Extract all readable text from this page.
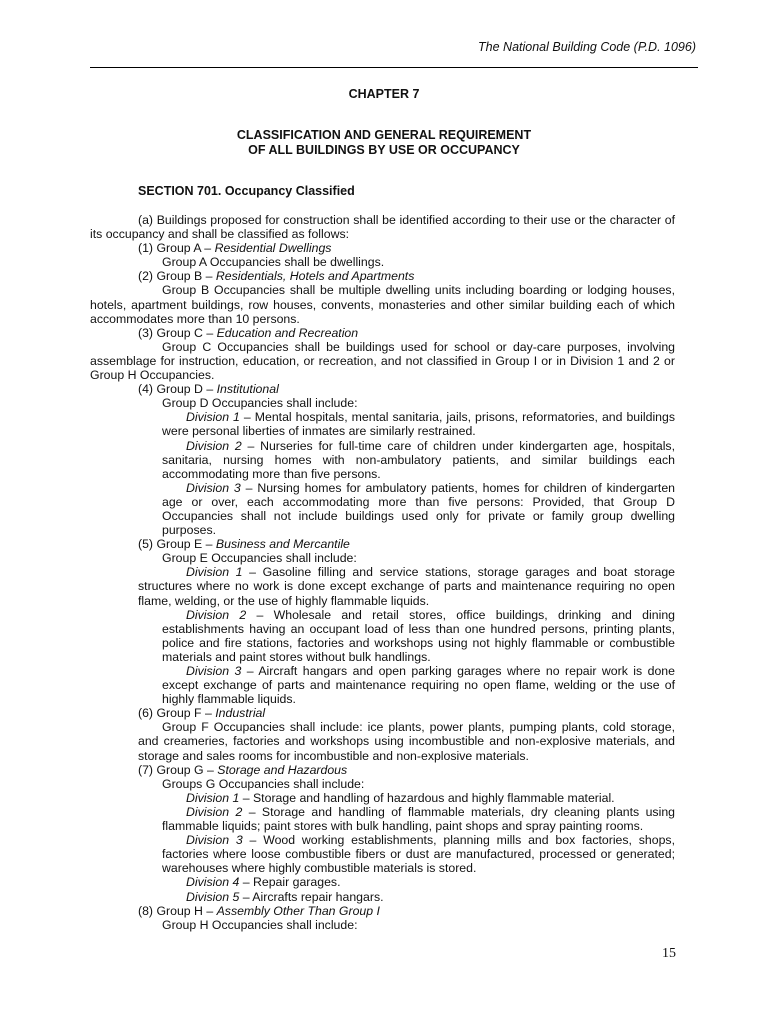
The National Building Code (P.D. 1096)
CHAPTER 7
CLASSIFICATION AND GENERAL REQUIREMENT
OF ALL BUILDINGS BY USE OR OCCUPANCY
SECTION 701. Occupancy Classified

(a) Buildings proposed for construction shall be identified according to their use or the character of its occupancy and shall be classified as follows:

(1) Group A – Residential Dwellings

Group A Occupancies shall be dwellings.

(2) Group B – Residentials, Hotels and Apartments

Group B Occupancies shall be multiple dwelling units including boarding or lodging houses, hotels, apartment buildings, row houses, convents, monasteries and other similar building each of which accommodates more than 10 persons.

(3) Group C – Education and Recreation

Group C Occupancies shall be buildings used for school or day-care purposes, involving assemblage for instruction, education, or recreation, and not classified in Group I or in Division 1 and 2 or Group H Occupancies.

(4) Group D – Institutional

Group D Occupancies shall include:

Division 1 – Mental hospitals, mental sanitaria, jails, prisons, reformatories, and buildings were personal liberties of inmates are similarly restrained.

Division 2 – Nurseries for full-time care of children under kindergarten age, hospitals, sanitaria, nursing homes with non-ambulatory patients, and similar buildings each accommodating more than five persons.

Division 3 – Nursing homes for ambulatory patients, homes for children of kindergarten age or over, each accommodating more than five persons: Provided, that Group D Occupancies shall not include buildings used only for private or family group dwelling purposes.

(5) Group E – Business and Mercantile

Group E Occupancies shall include:

Division 1 – Gasoline filling and service stations, storage garages and boat storage structures where no work is done except exchange of parts and maintenance requiring no open flame, welding, or the use of highly flammable liquids.

Division 2 – Wholesale and retail stores, office buildings, drinking and dining establishments having an occupant load of less than one hundred persons, printing plants, police and fire stations, factories and workshops using not highly flammable or combustible materials and paint stores without bulk handlings.

Division 3 – Aircraft hangars and open parking garages where no repair work is done except exchange of parts and maintenance requiring no open flame, welding or the use of highly flammable liquids.

(6) Group F – Industrial

Group F Occupancies shall include: ice plants, power plants, pumping plants, cold storage, and creameries, factories and workshops using incombustible and non-explosive materials, and storage and sales rooms for incombustible and non-explosive materials.

(7) Group G – Storage and Hazardous

Groups G Occupancies shall include:

Division 1 – Storage and handling of hazardous and highly flammable material.

Division 2 – Storage and handling of flammable materials, dry cleaning plants using flammable liquids; paint stores with bulk handling, paint shops and spray painting rooms.

Division 3 – Wood working establishments, planning mills and box factories, shops, factories where loose combustible fibers or dust are manufactured, processed or generated; warehouses where highly combustible materials is stored.

Division 4 – Repair garages.

Division 5 – Aircrafts repair hangars.

(8) Group H – Assembly Other Than Group I

Group H Occupancies shall include:

15
